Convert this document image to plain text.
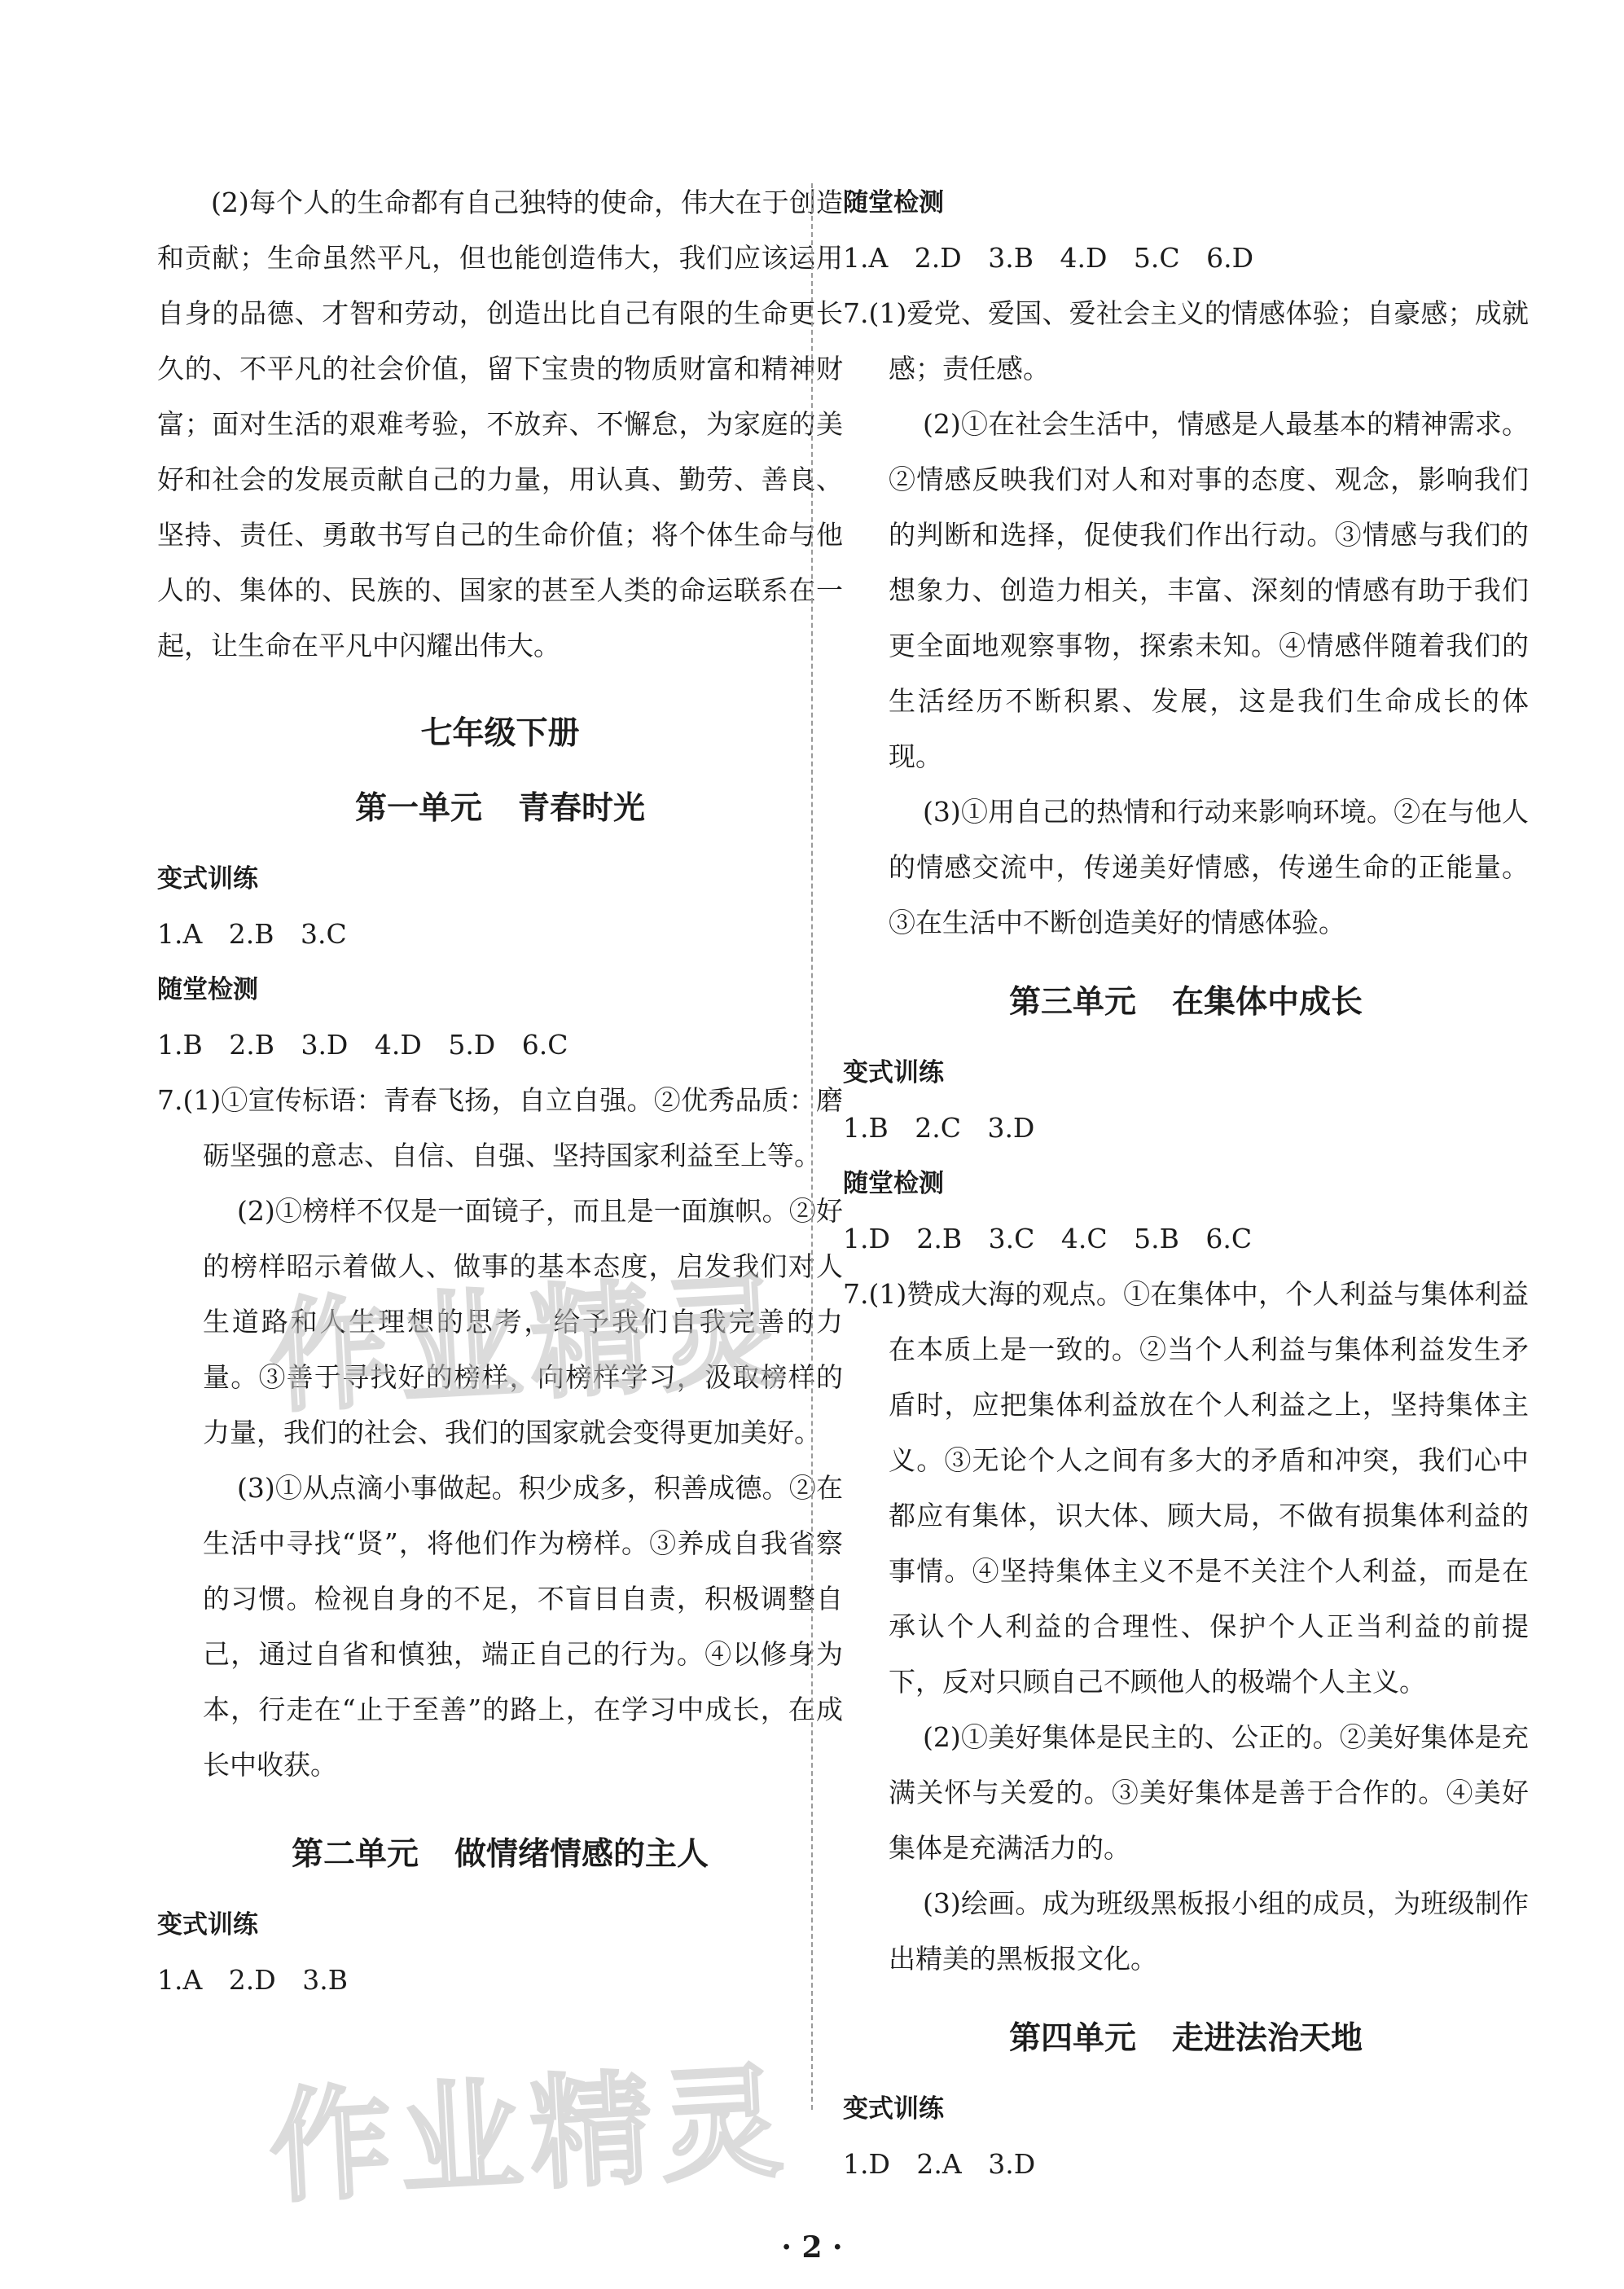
(2)每个人的生命都有自己独特的使命，伟大在于创造和贡献；生命虽然平凡，但也能创造伟大，我们应该运用自身的品德、才智和劳动，创造出比自己有限的生命更长久的、不平凡的社会价值，留下宝贵的物质财富和精神财富；面对生活的艰难考验，不放弃、不懈怠，为家庭的美好和社会的发展贡献自己的力量，用认真、勤劳、善良、坚持、责任、勇敢书写自己的生命价值；将个体生命与他人的、集体的、民族的、国家的甚至人类的命运联系在一起，让生命在平凡中闪耀出伟大。

七年级下册
第一单元 青春时光

变式训练

1.A 2.B 3.C

随堂检测

1.B 2.B 3.D 4.D 5.D 6.C

7.(1)①宣传标语：青春飞扬，自立自强。②优秀品质：磨砺坚强的意志、自信、自强、坚持国家利益至上等。

(2)①榜样不仅是一面镜子，而且是一面旗帜。②好的榜样昭示着做人、做事的基本态度，启发我们对人生道路和人生理想的思考，给予我们自我完善的力量。③善于寻找好的榜样，向榜样学习，汲取榜样的力量，我们的社会、我们的国家就会变得更加美好。

(3)①从点滴小事做起。积少成多，积善成德。②在生活中寻找“贤”，将他们作为榜样。③养成自我省察的习惯。检视自身的不足，不盲目自责，积极调整自己，通过自省和慎独，端正自己的行为。④以修身为本，行走在“止于至善”的路上，在学习中成长，在成长中收获。

第二单元 做情绪情感的主人

变式训练

1.A 2.D 3.B

随堂检测

1.A 2.D 3.B 4.D 5.C 6.D

7.(1)爱党、爱国、爱社会主义的情感体验；自豪感；成就感；责任感。

(2)①在社会生活中，情感是人最基本的精神需求。②情感反映我们对人和对事的态度、观念，影响我们的判断和选择，促使我们作出行动。③情感与我们的想象力、创造力相关，丰富、深刻的情感有助于我们更全面地观察事物，探索未知。④情感伴随着我们的生活经历不断积累、发展，这是我们生命成长的体现。

(3)①用自己的热情和行动来影响环境。②在与他人的情感交流中，传递美好情感，传递生命的正能量。③在生活中不断创造美好的情感体验。

第三单元 在集体中成长

变式训练

1.B 2.C 3.D

随堂检测

1.D 2.B 3.C 4.C 5.B 6.C

7.(1)赞成大海的观点。①在集体中，个人利益与集体利益在本质上是一致的。②当个人利益与集体利益发生矛盾时，应把集体利益放在个人利益之上，坚持集体主义。③无论个人之间有多大的矛盾和冲突，我们心中都应有集体，识大体、顾大局，不做有损集体利益的事情。④坚持集体主义不是不关注个人利益，而是在承认个人利益的合理性、保护个人正当利益的前提下，反对只顾自己不顾他人的极端个人主义。

(2)①美好集体是民主的、公正的。②美好集体是充满关怀与关爱的。③美好集体是善于合作的。④美好集体是充满活力的。

(3)绘画。成为班级黑板报小组的成员，为班级制作出精美的黑板报文化。

第四单元 走进法治天地

变式训练

1.D 2.A 3.D

作 业 精 灵
作 业 精 灵
· 2 ·
